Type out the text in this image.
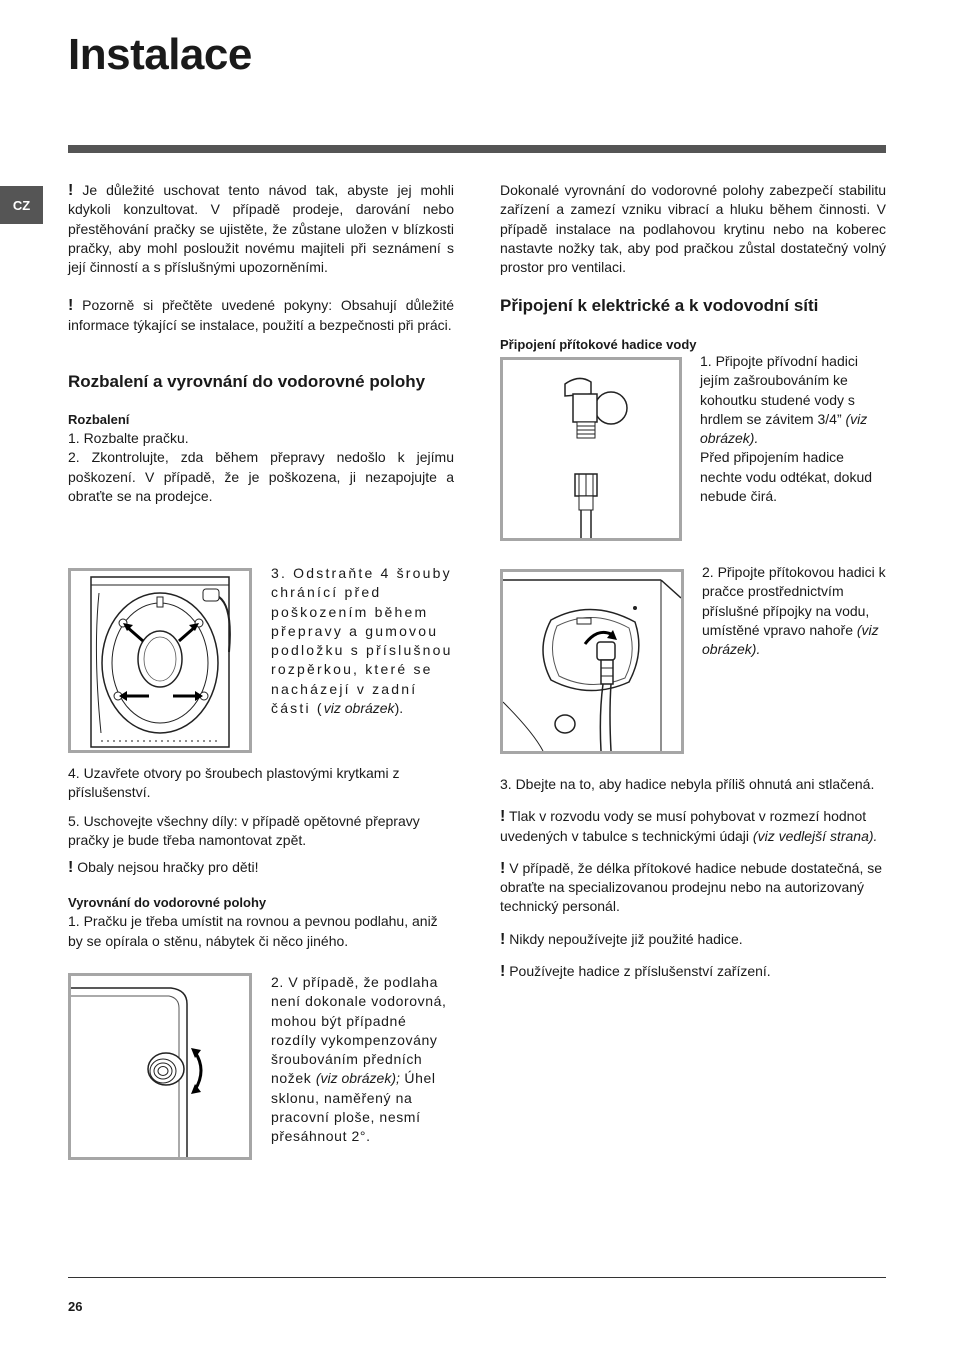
Instalace
CZ

! Je důležité uschovat tento návod tak, abyste jej mohli kdykoli konzultovat. V případě prodeje, darování nebo přestěhování pračky se ujistěte, že zůstane uložen v blízkosti pračky, aby mohl posloužit novému majiteli při seznámení s její činností a s příslušnými upozorněními.

! Pozorně si přečtěte uvedené pokyny: Obsahují důležité informace týkající se instalace, použití a bezpečnosti při práci.

Rozbalení a vyrovnání do vodorovné polohy
Rozbalení

1. Rozbalte pračku.

2. Zkontrolujte, zda během přepravy nedošlo k jejímu poškození. V případě, že je poškozena, ji nezapojujte a obraťte se na prodejce.

3. Odstraňte 4 šrouby chránící před poškozením během přepravy a gumovou podložku s příslušnou rozpěrkou, které se nacházejí v zadní části (viz obrázek).

4. Uzavřete otvory po šroubech plastovými krytkami z příslušenství.

5. Uschovejte všechny díly: v případě opětovné přepravy pračky je bude třeba namontovat zpět.

! Obaly nejsou hračky pro děti!

Vyrovnání do vodorovné polohy

1. Pračku je třeba umístit na rovnou a pevnou podlahu, aniž by se opírala o stěnu, nábytek či něco jiného.

2. V případě, že podlaha není dokonale vodorovná, mohou být případné rozdíly vykompenzovány šroubováním předních nožek (viz obrázek); Úhel sklonu, naměřený na pracovní ploše, nesmí přesáhnout 2°.

Dokonalé vyrovnání do vodorovné polohy zabezpečí stabilitu zařízení a zamezí vzniku vibrací a hluku během činnosti. V případě instalace na podlahovou krytinu nebo na koberec nastavte nožky tak, aby pod pračkou zůstal dostatečný volný prostor pro ventilaci.

Připojení k elektrické a k vodovodní síti
Připojení přítokové hadice vody
1. Připojte přívodní hadici jejím zašroubováním ke kohoutku studené vody s hrdlem se závitem 3/4” (viz obrázek).
Před připojením hadice nechte vodu odtékat, dokud nebude čirá.
2. Připojte přítokovou hadici k pračce prostřednictvím příslušné přípojky na vodu, umístěné vpravo nahoře (viz obrázek).

3. Dbejte na to, aby hadice nebyla příliš ohnutá ani stlačená.

! Tlak v rozvodu vody se musí pohybovat v rozmezí hodnot uvedených v tabulce s technickými údaji (viz vedlejší strana).

! V případě, že délka přítokové hadice nebude dostatečná, se obraťte na specializovanou prodejnu nebo na autorizovaný technický personál.

! Nikdy nepoužívejte již použité hadice.

! Používejte hadice z příslušenství zařízení.

26
